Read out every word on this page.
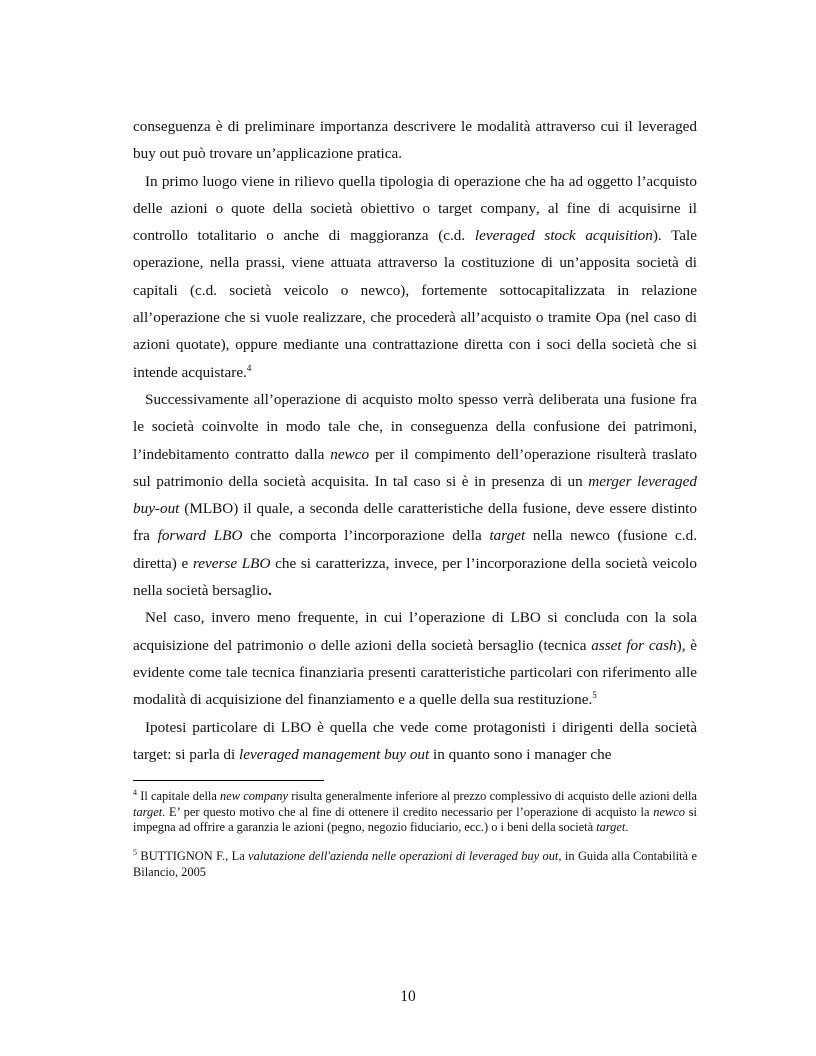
conseguenza è di preliminare importanza descrivere le modalità attraverso cui il leveraged buy out può trovare un’applicazione pratica.

In primo luogo viene in rilievo quella tipologia di operazione che ha ad oggetto l’acquisto delle azioni o quote della società obiettivo o target company, al fine di acquisirne il controllo totalitario o anche di maggioranza (c.d. leveraged stock acquisition). Tale operazione, nella prassi, viene attuata attraverso la costituzione di un’apposita società di capitali (c.d. società veicolo o newco), fortemente sottocapitalizzata in relazione all’operazione che si vuole realizzare, che procederà all’acquisto o tramite Opa (nel caso di azioni quotate), oppure mediante una contrattazione diretta con i soci della società che si intende acquistare.$^4$

Successivamente all’operazione di acquisto molto spesso verrà deliberata una fusione fra le società coinvolte in modo tale che, in conseguenza della confusione dei patrimoni, l’indebitamento contratto dalla newco per il compimento dell’operazione risulterà traslato sul patrimonio della società acquisita. In tal caso si è in presenza di un merger leveraged buy-out (MLBO) il quale, a seconda delle caratteristiche della fusione, deve essere distinto fra forward LBO che comporta l’incorporazione della target nella newco (fusione c.d. diretta) e reverse LBO che si caratterizza, invece, per l’incorporazione della società veicolo nella società bersaglio.

Nel caso, invero meno frequente, in cui l’operazione di LBO si concluda con la sola acquisizione del patrimonio o delle azioni della società bersaglio (tecnica asset for cash), è evidente come tale tecnica finanziaria presenti caratteristiche particolari con riferimento alle modalità di acquisizione del finanziamento e a quelle della sua restituzione.$^5$

Ipotesi particolare di LBO è quella che vede come protagonisti i dirigenti della società target: si parla di leveraged management buy out in quanto sono i manager che

$^4$ Il capitale della new company risulta generalmente inferiore al prezzo complessivo di acquisto delle azioni della target. E’ per questo motivo che al fine di ottenere il credito necessario per l’operazione di acquisto la newco si impegna ad offrire a garanzia le azioni (pegno, negozio fiduciario, ecc.) o i beni della società target.

$^5$ BUTTIGNON F., La valutazione dell'azienda nelle operazioni di leveraged buy out, in Guida alla Contabilità e Bilancio, 2005

10
